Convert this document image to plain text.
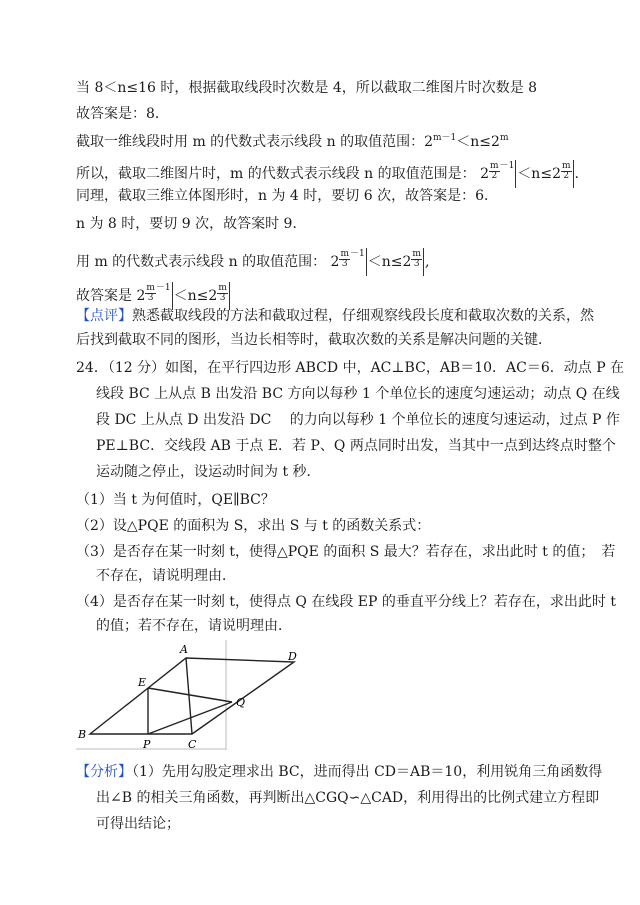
当 8＜n≤16 时，根据截取线段时次数是 4，所以截取二维图片时次数是 8
故答案是：8．
截取一维线段时用 m 的代数式表示线段 n 的取值范围：$2^{m-1}<n\le 2^m$
所以，截取二维图片时，m 的代数式表示线段 n 的取值范围是： $2 \frac{m}{2} ^{-1} <n\le 2 \frac{m}{2}$ .
同理，截取三维立体图形时，n 为 4 时，要切 6 次，故答案是：6．
n 为 8 时，要切 9 次，故答案时 9．
用 m 的代数式表示线段 n 的取值范围： $2 \frac{m}{3} ^{-1} <n\le 2 \frac{m}{3}$ ,
故答案是 $2 \frac{m}{3} ^{-1} <n\le 2 \frac{m}{3}$
【点评】熟悉截取线段的方法和截取过程，仔细观察线段长度和截取次数的关系，然
后找到截取不同的图形，当边长相等时，截取次数的关系是解决问题的关键．
24．（12 分）如图，在平行四边形 ABCD 中，AC⊥BC，AB＝10．AC＝6．动点 P 在
线段 BC 上从点 B 出发沿 BC 方向以每秒 1 个单位长的速度匀速运动；动点 Q 在线
段 DC 上从点 D 出发沿 DC 　的力向以每秒 1 个单位长的速度匀速运动，过点 P 作
PE⊥BC．交线段 AB 于点 E．若 P、Q 两点同时出发，当其中一点到达终点时整个
运动随之停止，设运动时间为 t 秒．
（1）当 t 为何值时，QE∥BC？
（2）设△PQE 的面积为 S，求出 S 与 t 的函数关系式：
（3）是否存在某一时刻 t，使得△PQE 的面积 S 最大？若存在，求出此时 t 的值；　若
不存在，请说明理由．
（4）是否存在某一时刻 t，使得点 Q 在线段 EP 的垂直平分线上？若存在，求出此时 t
的值；若不存在，请说明理由．
A
B
C
D
E
P
Q
【分析】（1）先用勾股定理求出 BC，进而得出 CD＝AB＝10，利用锐角三角函数得
出∠B 的相关三角函数，再判断出△CGQ∽△CAD，利用得出的比例式建立方程即
可得出结论；
